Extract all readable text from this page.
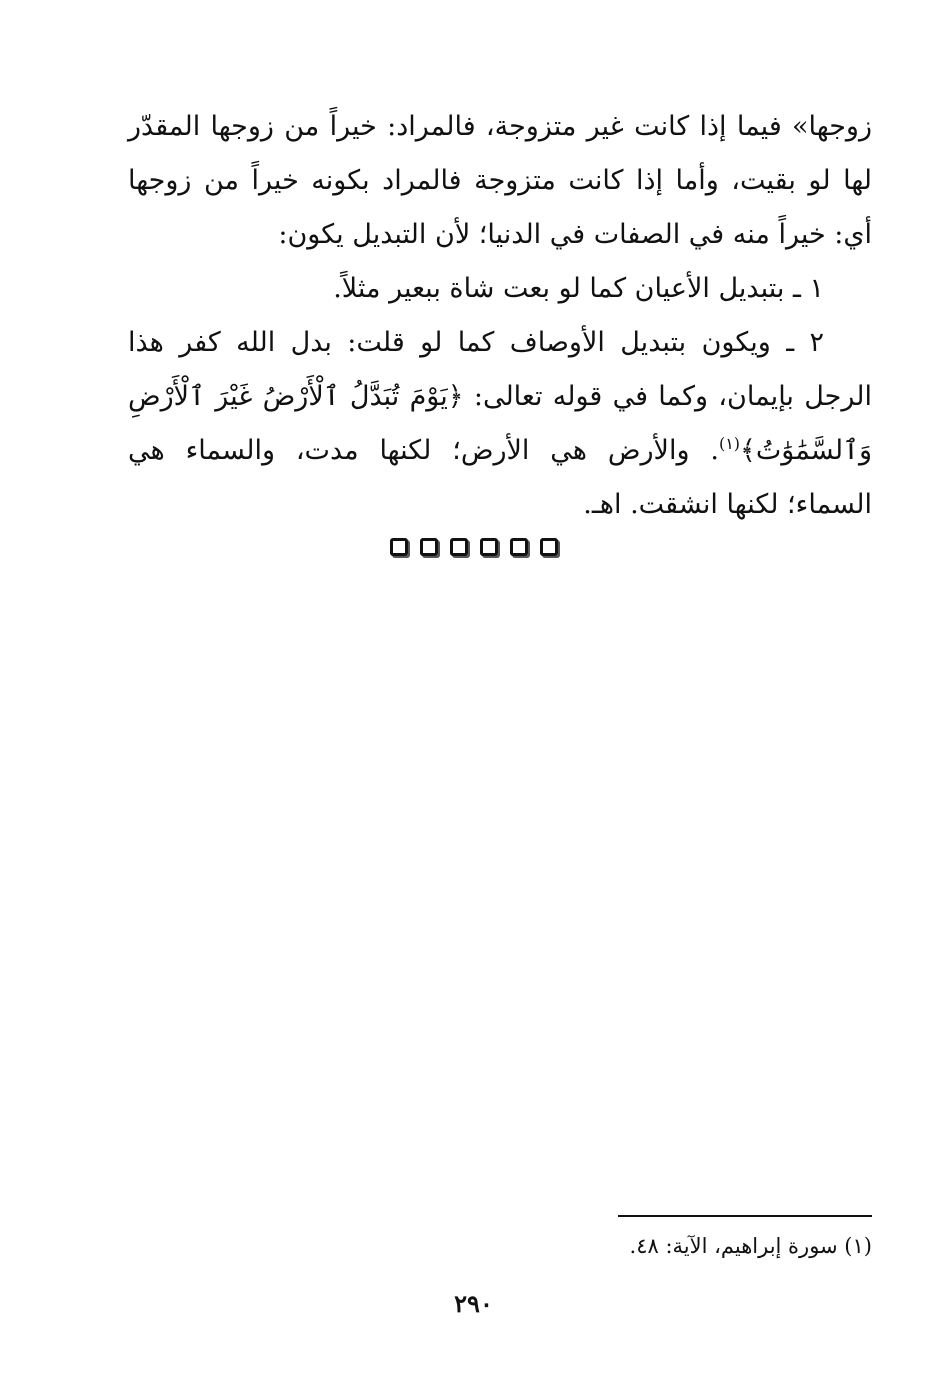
زوجها» فيما إذا كانت غير متزوجة، فالمراد: خيراً من زوجها المقدّر لها لو بقيت، وأما إذا كانت متزوجة فالمراد بكونه خيراً من زوجها أي: خيراً منه في الصفات في الدنيا؛ لأن التبديل يكون:

١ ـ بتبديل الأعيان كما لو بعت شاة ببعير مثلاً.

٢ ـ ويكون بتبديل الأوصاف كما لو قلت: بدل الله كفر هذا الرجل بإيمان، وكما في قوله تعالى: ﴿يَوْمَ تُبَدَّلُ ٱلْأَرْضُ غَيْرَ ٱلْأَرْضِ وَٱلسَّمَٰوَٰتُ﴾$^{(١)}$. والأرض هي الأرض؛ لكنها مدت، والسماء هي السماء؛ لكنها انشقت. اهـ.

(١) سورة إبراهيم، الآية: ٤٨.
٢٩٠
